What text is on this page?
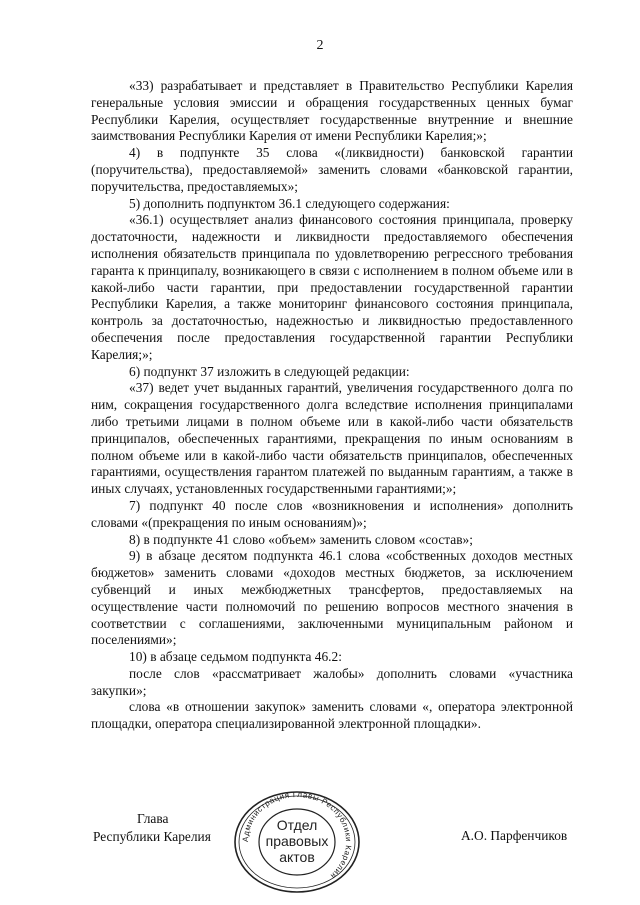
2

«33) разрабатывает и представляет в Правительство Республики Карелия генеральные условия эмиссии и обращения государственных ценных бумаг Республики Карелия, осуществляет государственные внутренние и внешние заимствования Республики Карелия от имени Республики Карелия;»;

4) в подпункте 35 слова «(ликвидности) банковской гарантии (поручительства), предоставляемой» заменить словами «банковской гарантии, поручительства, предоставляемых»;

5) дополнить подпунктом 36.1 следующего содержания:

«36.1) осуществляет анализ финансового состояния принципала, проверку достаточности, надежности и ликвидности предоставляемого обеспечения исполнения обязательств принципала по удовлетворению регрессного требования гаранта к принципалу, возникающего в связи с исполнением в полном объеме или в какой-либо части гарантии, при предоставлении государственной гарантии Республики Карелия, а также мониторинг финансового состояния принципала, контроль за достаточностью, надежностью и ликвидностью предоставленного обеспечения после предоставления государственной гарантии Республики Карелия;»;

6) подпункт 37 изложить в следующей редакции:

«37) ведет учет выданных гарантий, увеличения государственного долга по ним, сокращения государственного долга вследствие исполнения принципалами либо третьими лицами в полном объеме или в какой-либо части обязательств принципалов, обеспеченных гарантиями, прекращения по иным основаниям в полном объеме или в какой-либо части обязательств принципалов, обеспеченных гарантиями, осуществления гарантом платежей по выданным гарантиям, а также в иных случаях, установленных государственными гарантиями;»;

7) подпункт 40 после слов «возникновения и исполнения» дополнить словами «(прекращения по иным основаниям)»;

8) в подпункте 41 слово «объем» заменить словом «состав»;

9) в абзаце десятом подпункта 46.1 слова «собственных доходов местных бюджетов» заменить словами «доходов местных бюджетов, за исключением субвенций и иных межбюджетных трансфертов, предоставляемых на осуществление части полномочий по решению вопросов местного значения в соответствии с соглашениями, заключенными муниципальным районом и поселениями»;

10) в абзаце седьмом подпункта 46.2:

после слов «рассматривает жалобы» дополнить словами «участника закупки»;

слова «в отношении закупок» заменить словами «, оператора электронной площадки, оператора специализированной электронной площадки».

Глава
Республики Карелия	А.О. Парфенчиков
Администрация Главы Республики Карелия
Отдел
правовых
актов
